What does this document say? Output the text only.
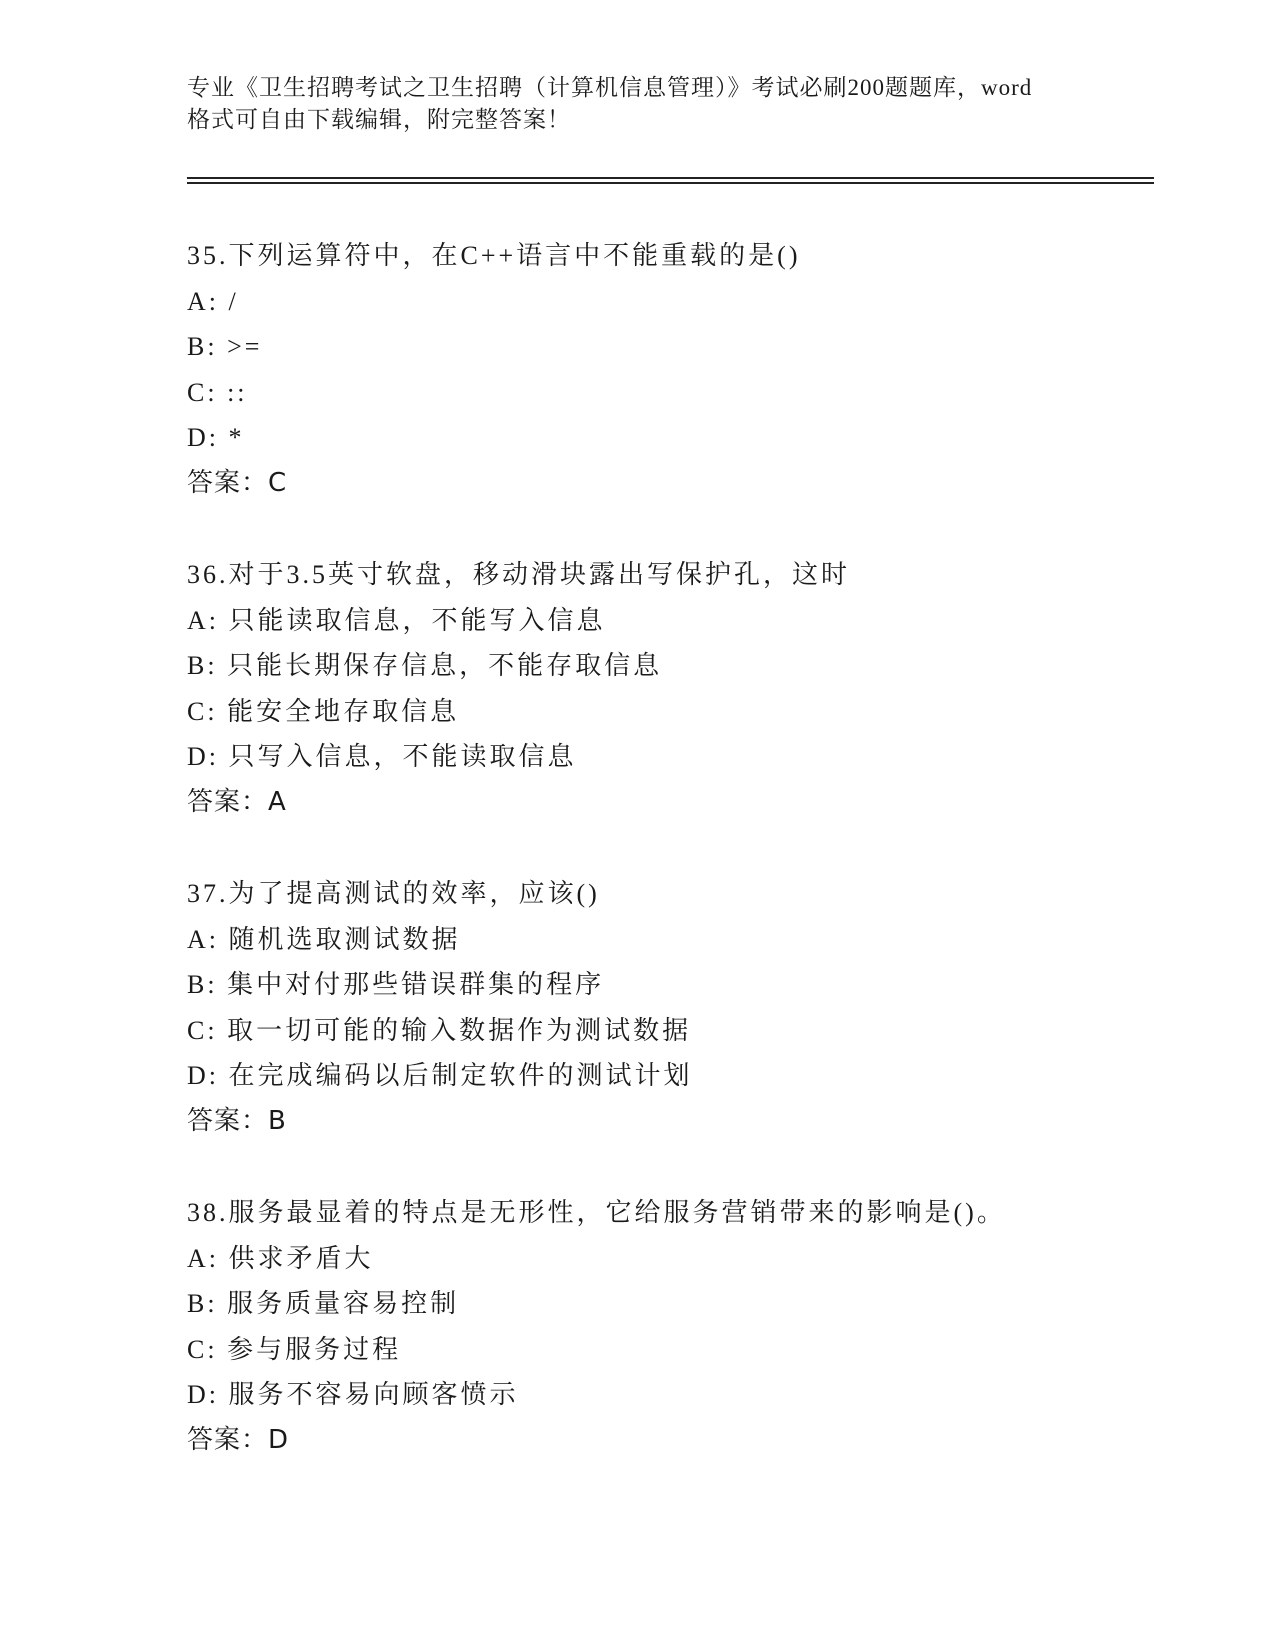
专业《卫生招聘考试之卫生招聘（计算机信息管理）》考试必刷200题题库，word

格式可自由下载编辑，附完整答案！

35.下列运算符中，在C++语言中不能重载的是()
A: /
B: >=
C: ::
D: *
答案：C
36.对于3.5英寸软盘，移动滑块露出写保护孔，这时
A: 只能读取信息，不能写入信息
B: 只能长期保存信息，不能存取信息
C: 能安全地存取信息
D: 只写入信息，不能读取信息
答案：A
37.为了提高测试的效率，应该()
A: 随机选取测试数据
B: 集中对付那些错误群集的程序
C: 取一切可能的输入数据作为测试数据
D: 在完成编码以后制定软件的测试计划
答案：B
38.服务最显着的特点是无形性，它给服务营销带来的影响是()。
A: 供求矛盾大
B: 服务质量容易控制
C: 参与服务过程
D: 服务不容易向顾客愤示
答案：D
